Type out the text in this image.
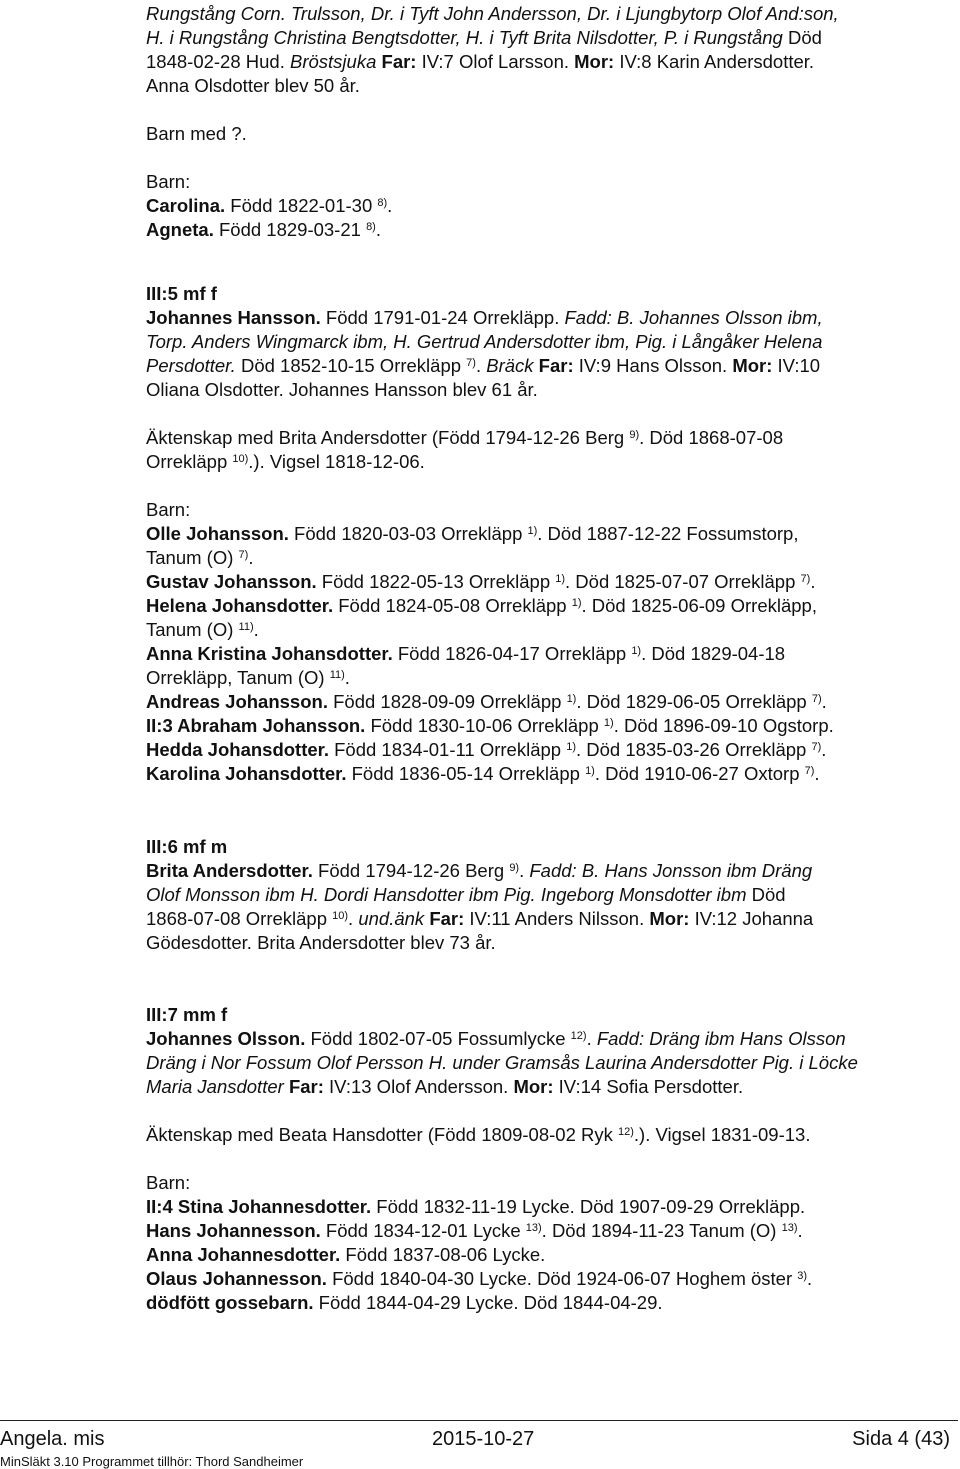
Rungstång Corn. Trulsson, Dr. i Tyft John Andersson, Dr. i Ljungbytorp Olof And:son,
H. i Rungstång Christina Bengtsdotter, H. i Tyft Brita Nilsdotter, P. i Rungstång Död
1848-02-28 Hud. Bröstsjuka Far: IV:7 Olof Larsson. Mor: IV:8 Karin Andersdotter.
Anna Olsdotter blev 50 år.
Barn med ?.
Barn:
Carolina. Född 1822-01-30 $^{8)}$.
Agneta. Född 1829-03-21 $^{8)}$.
III:5 mf f
Johannes Hansson. Född 1791-01-24 Orrekläpp. Fadd: B. Johannes Olsson ibm,
Torp. Anders Wingmarck ibm, H. Gertrud Andersdotter ibm, Pig. i Långåker Helena
Persdotter. Död 1852-10-15 Orrekläpp $^{7)}$. Bräck Far: IV:9 Hans Olsson. Mor: IV:10
Oliana Olsdotter. Johannes Hansson blev 61 år.
Äktenskap med Brita Andersdotter (Född 1794-12-26 Berg $^{9)}$. Död 1868-07-08
Orrekläpp $^{10)}$.). Vigsel 1818-12-06.
Barn:
Olle Johansson. Född 1820-03-03 Orrekläpp $^{1)}$. Död 1887-12-22 Fossumstorp,
Tanum (O) $^{7)}$.
Gustav Johansson. Född 1822-05-13 Orrekläpp $^{1)}$. Död 1825-07-07 Orrekläpp $^{7)}$.
Helena Johansdotter. Född 1824-05-08 Orrekläpp $^{1)}$. Död 1825-06-09 Orrekläpp,
Tanum (O) $^{11)}$.
Anna Kristina Johansdotter. Född 1826-04-17 Orrekläpp $^{1)}$. Död 1829-04-18
Orrekläpp, Tanum (O) $^{11)}$.
Andreas Johansson. Född 1828-09-09 Orrekläpp $^{1)}$. Död 1829-06-05 Orrekläpp $^{7)}$.
II:3 Abraham Johansson. Född 1830-10-06 Orrekläpp $^{1)}$. Död 1896-09-10 Ogstorp.
Hedda Johansdotter. Född 1834-01-11 Orrekläpp $^{1)}$. Död 1835-03-26 Orrekläpp $^{7)}$.
Karolina Johansdotter. Född 1836-05-14 Orrekläpp $^{1)}$. Död 1910-06-27 Oxtorp $^{7)}$.
III:6 mf m
Brita Andersdotter. Född 1794-12-26 Berg $^{9)}$. Fadd: B. Hans Jonsson ibm Dräng
Olof Monsson ibm H. Dordi Hansdotter ibm Pig. Ingeborg Monsdotter ibm Död
1868-07-08 Orrekläpp $^{10)}$. und.änk Far: IV:11 Anders Nilsson. Mor: IV:12 Johanna
Gödesdotter. Brita Andersdotter blev 73 år.
III:7 mm f
Johannes Olsson. Född 1802-07-05 Fossumlycke $^{12)}$. Fadd: Dräng ibm Hans Olsson
Dräng i Nor Fossum Olof Persson H. under Gramsås Laurina Andersdotter Pig. i Löcke
Maria Jansdotter Far: IV:13 Olof Andersson. Mor: IV:14 Sofia Persdotter.
Äktenskap med Beata Hansdotter (Född 1809-08-02 Ryk $^{12)}$.). Vigsel 1831-09-13.
Barn:
II:4 Stina Johannesdotter. Född 1832-11-19 Lycke. Död 1907-09-29 Orrekläpp.
Hans Johannesson. Född 1834-12-01 Lycke $^{13)}$. Död 1894-11-23 Tanum (O) $^{13)}$.
Anna Johannesdotter. Född 1837-08-06 Lycke.
Olaus Johannesson. Född 1840-04-30 Lycke. Död 1924-06-07 Hoghem öster $^{3)}$.
dödfött gossebarn. Född 1844-04-29 Lycke. Död 1844-04-29.
Angela. mis	2015-10-27	Sida 4 (43)
MinSläkt 3.10 Programmet tillhör: Thord Sandheimer
